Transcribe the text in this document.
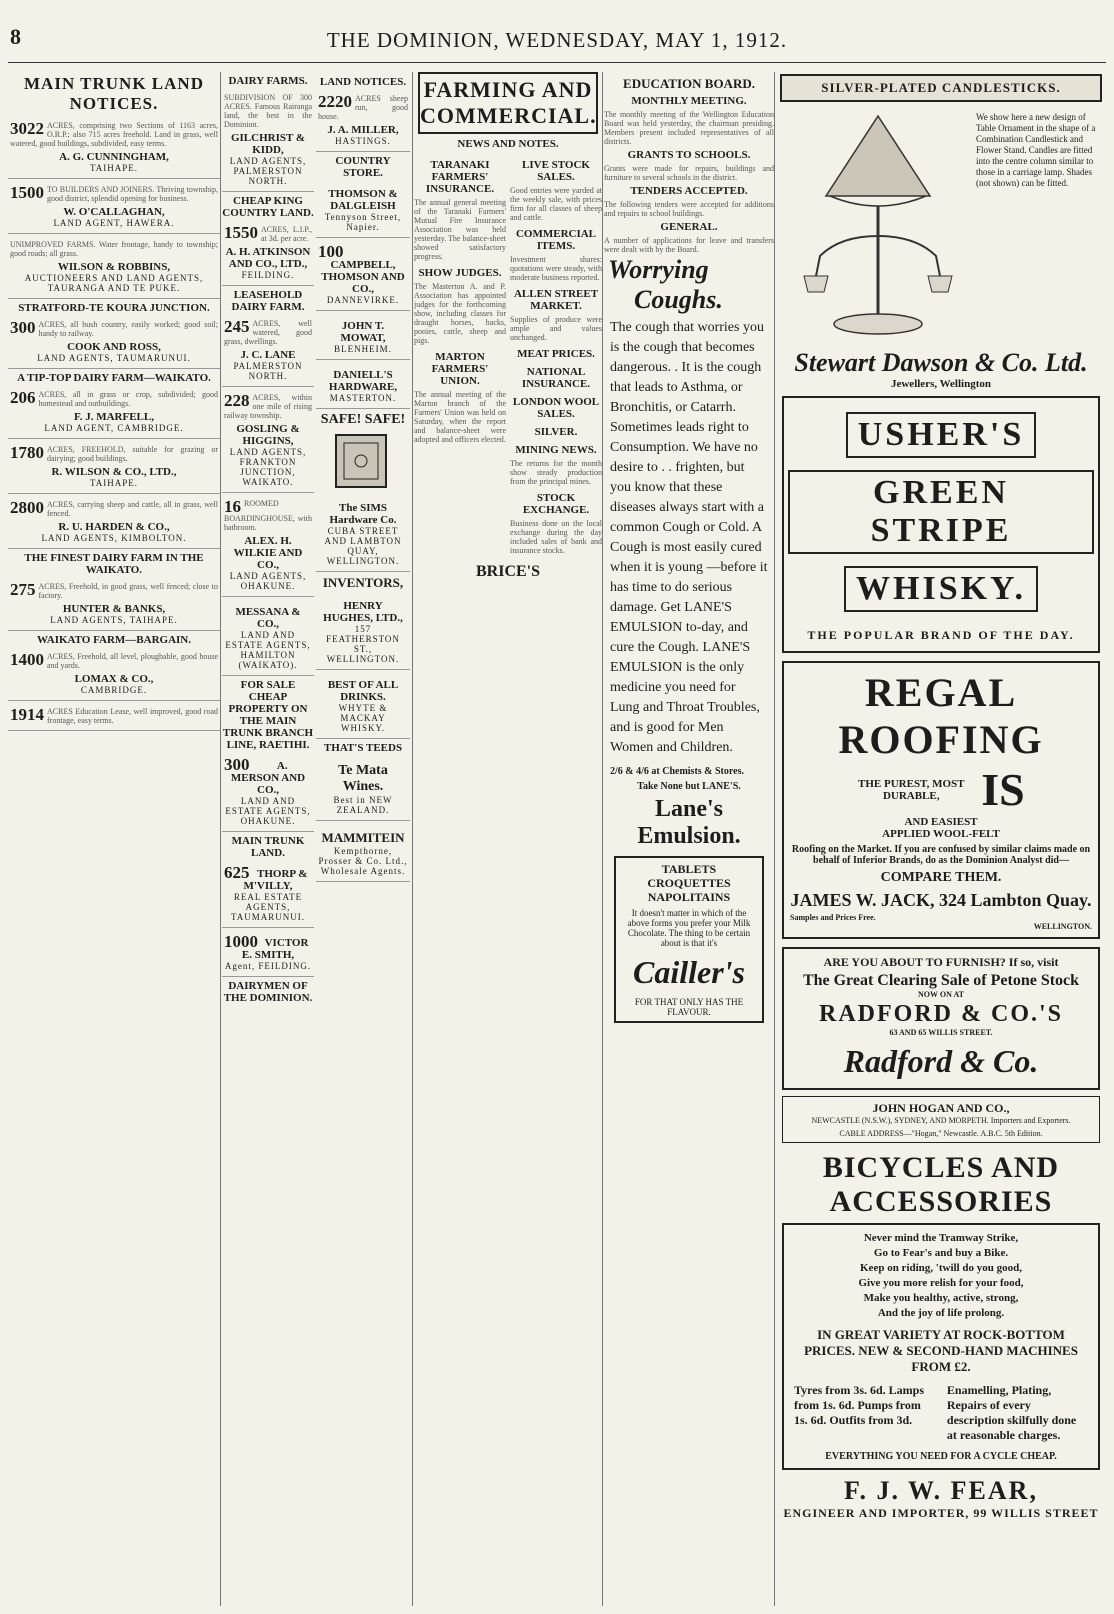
8	THE DOMINION, WEDNESDAY, MAY 1, 1912.
MAIN TRUNK LAND NOTICES.
3022 ACRES, comprising two Sections of 1163 acres, O.R.P.; also 715 acres freehold. Land in grass, well watered, good buildings, subdivided, easy terms.
A. G. CUNNINGHAM,
TAIHAPE.
1500 TO BUILDERS AND JOINERS. Thriving township, good district, splendid opening for business.
W. O'CALLAGHAN,
LAND AGENT, HAWERA.
UNIMPROVED FARMS. Water frontage, handy to township; good roads; all grass.
WILSON & ROBBINS,
AUCTIONEERS AND LAND AGENTS, TAURANGA AND TE PUKE.
STRATFORD-TE KOURA JUNCTION.
300 ACRES, all bush country, easily worked; good soil; handy to railway.
COOK AND ROSS,
LAND AGENTS, TAUMARUNUI.
A TIP-TOP DAIRY FARM—WAIKATO.
206 ACRES, all in grass or crop, subdivided; good homestead and outbuildings.
F. J. MARFELL,
LAND AGENT, CAMBRIDGE.
1780 ACRES, FREEHOLD, suitable for grazing or dairying; good buildings.
R. WILSON & CO., LTD.,
TAIHAPE.
2800 ACRES, carrying sheep and cattle, all in grass, well fenced.
R. U. HARDEN & CO.,
LAND AGENTS, KIMBOLTON.
THE FINEST DAIRY FARM IN THE WAIKATO.
275 ACRES, Freehold, in good grass, well fenced; close to factory.
HUNTER & BANKS,
LAND AGENTS, TAIHAPE.
WAIKATO FARM—BARGAIN.
1400 ACRES, Freehold, all level, ploughable, good house and yards.
LOMAX & CO.,
CAMBRIDGE.
1914 ACRES Education Lease, well improved, good road frontage, easy terms.
DAIRY FARMS.
SUBDIVISION OF 300 ACRES. Famous Rairanga land, the best in the Dominion.
GILCHRIST & KIDD,
LAND AGENTS, PALMERSTON NORTH.
CHEAP KING COUNTRY LAND.
1550 ACRES, L.I.P., at 3d. per acre.
A. H. ATKINSON AND CO., LTD.,
FEILDING.
LEASEHOLD DAIRY FARM.
245 ACRES, well watered, good grass, dwellings.
J. C. LANE
PALMERSTON NORTH.
228 ACRES, within one mile of rising railway township.
GOSLING & HIGGINS,
LAND AGENTS, FRANKTON JUNCTION, WAIKATO.
16 ROOMED BOARDINGHOUSE, with bathroom.
ALEX. H. WILKIE AND CO.,
LAND AGENTS, OHAKUNE.
MESSANA & CO.,
LAND AND ESTATE AGENTS, HAMILTON (WAIKATO).
FOR SALE CHEAP PROPERTY ON THE MAIN TRUNK BRANCH LINE, RAETIHI.
300	A. MERSON AND CO.,
LAND AND ESTATE AGENTS, OHAKUNE.
MAIN TRUNK LAND.
625 THORP & M'VILLY,
REAL ESTATE AGENTS, TAUMARUNUI.
1000 VICTOR E. SMITH,
Agent, FEILDING.
DAIRYMEN OF THE DOMINION.
LAND NOTICES.
2220 ACRES sheep run, good house.
J. A. MILLER,
HASTINGS.
COUNTRY STORE.
THOMSON & DALGLEISH
Tennyson Street, Napier.
100
CAMPBELL, THOMSON AND CO.,
DANNEVIRKE.
JOHN T. MOWAT,
BLENHEIM.
DANIELL'S HARDWARE,
MASTERTON.
SAFE! SAFE!
The SIMS Hardware Co.
CUBA STREET AND LAMBTON QUAY, WELLINGTON.
INVENTORS,
HENRY HUGHES, LTD.,
157 FEATHERSTON ST., WELLINGTON.
BEST OF ALL DRINKS.
WHYTE & MACKAY WHISKY.
THAT'S TEEDS
Te Mata Wines.
Best in NEW ZEALAND.
MAMMITEIN
Kempthorne, Prosser & Co. Ltd., Wholesale Agents.
FARMING AND COMMERCIAL.
NEWS AND NOTES.
TARANAKI FARMERS' INSURANCE.
The annual general meeting of the Taranaki Farmers' Mutual Fire Insurance Association was held yesterday. The balance-sheet showed satisfactory progress.
SHOW JUDGES.
The Masterton A. and P. Association has appointed judges for the forthcoming show, including classes for draught horses, hacks, ponies, cattle, sheep and pigs.
MARTON FARMERS' UNION.
The annual meeting of the Marton branch of the Farmers' Union was held on Saturday, when the report and balance-sheet were adopted and officers elected.
LIVE STOCK SALES.
Good entries were yarded at the weekly sale, with prices firm for all classes of sheep and cattle.
COMMERCIAL ITEMS.
Investment shares: quotations were steady, with moderate business reported.
ALLEN STREET MARKET.
Supplies of produce were ample and values unchanged.
MEAT PRICES.
NATIONAL INSURANCE.
LONDON WOOL SALES.
SILVER.
MINING NEWS.
The returns for the month show steady production from the principal mines.
STOCK EXCHANGE.
Business done on the local exchange during the day included sales of bank and insurance stocks.
BRICE'S
EDUCATION BOARD.
MONTHLY MEETING.
The monthly meeting of the Wellington Education Board was held yesterday, the chairman presiding. Members present included representatives of all districts.
GRANTS TO SCHOOLS.
Grants were made for repairs, buildings and furniture to several schools in the district.
TENDERS ACCEPTED.
The following tenders were accepted for additions and repairs to school buildings.
GENERAL.
A number of applications for leave and transfers were dealt with by the Board.
Worrying
Coughs.
The cough that worries you is the cough that becomes dangerous. . It is the cough that leads to Asthma, or Bronchitis, or Catarrh. Sometimes leads right to Consumption. We have no desire to . . frighten, but you know that these diseases always start with a common Cough or Cold. A Cough is most easily cured when it is young —before it has time to do serious damage. Get LANE'S EMULSION to-day, and cure the Cough. LANE'S EMULSION is the only medicine you need for Lung and Throat Troubles, and is good for Men Women and Children.
2/6 & 4/6 at Chemists & Stores.
Take None but LANE'S.
Lane's
Emulsion.
TABLETS CROQUETTES NAPOLITAINS
It doesn't matter in which of the above forms you prefer your Milk Chocolate. The thing to be certain about is that it's
Cailler's
FOR THAT ONLY HAS THE FLAVOUR.
SILVER-PLATED CANDLESTICKS.
We show here a new design of Table Ornament in the shape of a Combination Candlestick and Flower Stand. Candles are fitted into the centre column similar to those in a carriage lamp. Shades (not shown) can be fitted.
Stewart Dawson & Co. Ltd.
Jewellers, Wellington
USHER'S
GREEN STRIPE
WHISKY.
THE POPULAR BRAND OF THE DAY.
REGAL ROOFING
THE PUREST, MOST DURABLE, IS AND EASIEST APPLIED WOOL-FELT
Roofing on the Market. If you are confused by similar claims made on behalf of Inferior Brands, do as the Dominion Analyst did—
COMPARE THEM.
JAMES W. JACK, 324 Lambton Quay.
Samples and Prices Free.
WELLINGTON.
ARE YOU ABOUT TO FURNISH? If so, visit
The Great Clearing Sale of Petone Stock
NOW ON AT
RADFORD & CO.'S
63 AND 65 WILLIS STREET.
Radford & Co.
JOHN HOGAN AND CO.,
NEWCASTLE (N.S.W.), SYDNEY, AND MORPETH. Importers and Exporters.
CABLE ADDRESS—"Hogan," Newcastle. A.B.C. 5th Edition.
BICYCLES AND ACCESSORIES
Never mind the Tramway Strike,
Go to Fear's and buy a Bike.
Keep on riding, 'twill do you good,
Give you more relish for your food,
Make you healthy, active, strong,
And the joy of life prolong.
IN GREAT VARIETY AT ROCK-BOTTOM PRICES. NEW & SECOND-HAND MACHINES FROM £2.
Tyres from 3s. 6d. Lamps from 1s. 6d. Pumps from 1s. 6d. Outfits from 3d.
Enamelling, Plating, Repairs of every description skilfully done at reasonable charges.
EVERYTHING YOU NEED FOR A CYCLE CHEAP.
F. J. W. FEAR,
ENGINEER AND IMPORTER, 99 WILLIS STREET
